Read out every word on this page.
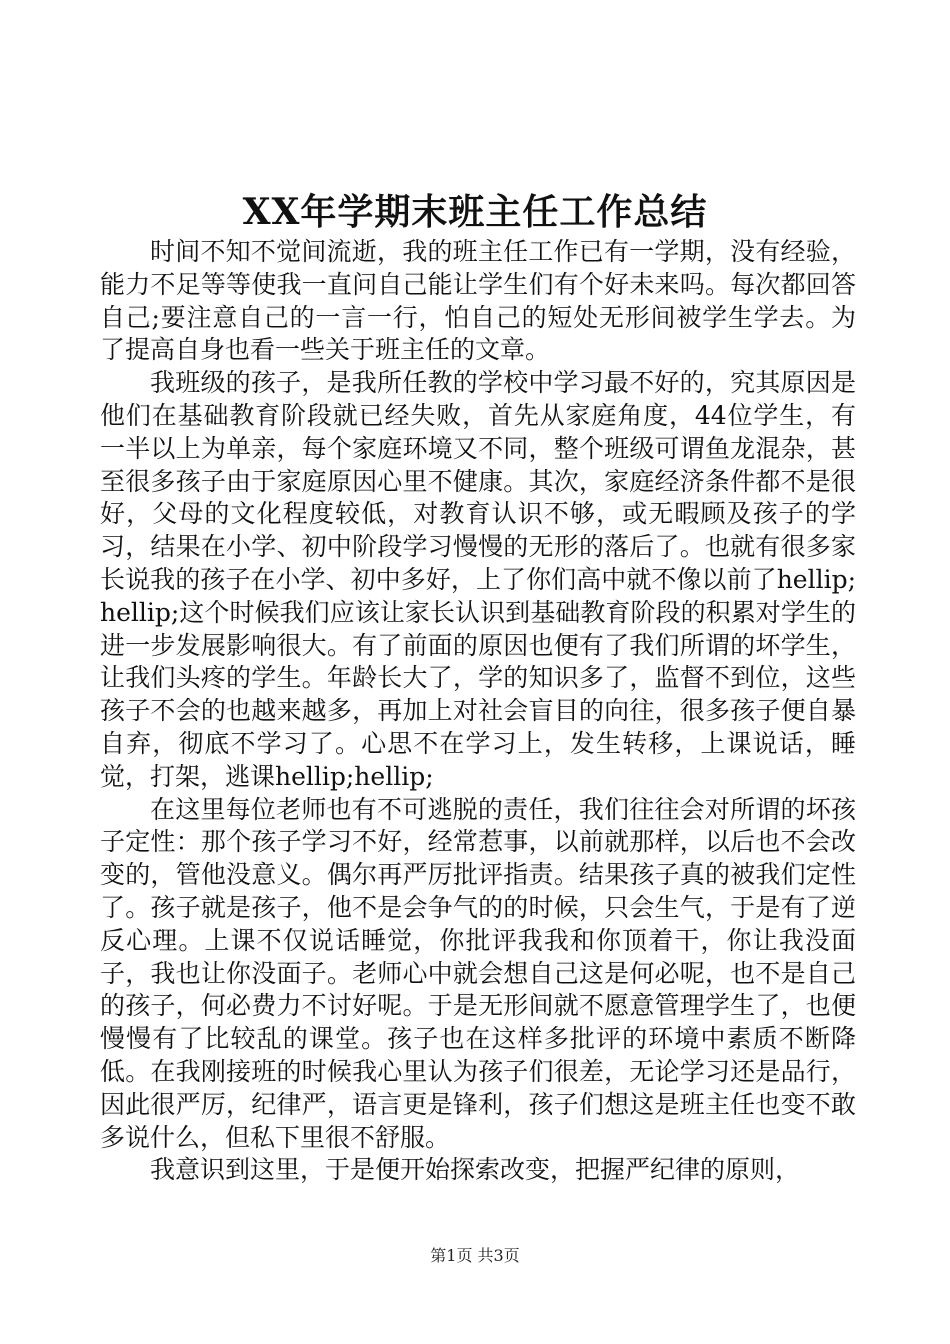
XX年学期末班主任工作总结

时间不知不觉间流逝，我的班主任工作已有一学期，没有经验，能力不足等等使我一直问自己能让学生们有个好未来吗。每次都回答自己;要注意自己的一言一行，怕自己的短处无形间被学生学去。为了提高自身也看一些关于班主任的文章。

我班级的孩子，是我所任教的学校中学习最不好的，究其原因是他们在基础教育阶段就已经失败，首先从家庭角度，44位学生，有一半以上为单亲，每个家庭环境又不同，整个班级可谓鱼龙混杂，甚至很多孩子由于家庭原因心里不健康。其次，家庭经济条件都不是很好，父母的文化程度较低，对教育认识不够，或无暇顾及孩子的学习，结果在小学、初中阶段学习慢慢的无形的落后了。也就有很多家长说我的孩子在小学、初中多好，上了你们高中就不像以前了hellip;hellip;这个时候我们应该让家长认识到基础教育阶段的积累对学生的进一步发展影响很大。有了前面的原因也便有了我们所谓的坏学生，让我们头疼的学生。年龄长大了，学的知识多了，监督不到位，这些孩子不会的也越来越多，再加上对社会盲目的向往，很多孩子便自暴自弃，彻底不学习了。心思不在学习上，发生转移，上课说话，睡觉，打架，逃课hellip;hellip;

在这里每位老师也有不可逃脱的责任，我们往往会对所谓的坏孩子定性：那个孩子学习不好，经常惹事，以前就那样，以后也不会改变的，管他没意义。偶尔再严厉批评指责。结果孩子真的被我们定性了。孩子就是孩子，他不是会争气的的时候，只会生气，于是有了逆反心理。上课不仅说话睡觉，你批评我我和你顶着干，你让我没面子，我也让你没面子。老师心中就会想自己这是何必呢，也不是自己的孩子，何必费力不讨好呢。于是无形间就不愿意管理学生了，也便慢慢有了比较乱的课堂。孩子也在这样多批评的环境中素质不断降低。在我刚接班的时候我心里认为孩子们很差，无论学习还是品行，因此很严厉，纪律严，语言更是锋利，孩子们想这是班主任也变不敢多说什么，但私下里很不舒服。

我意识到这里，于是便开始探索改变，把握严纪律的原则，

第1页 共3页
